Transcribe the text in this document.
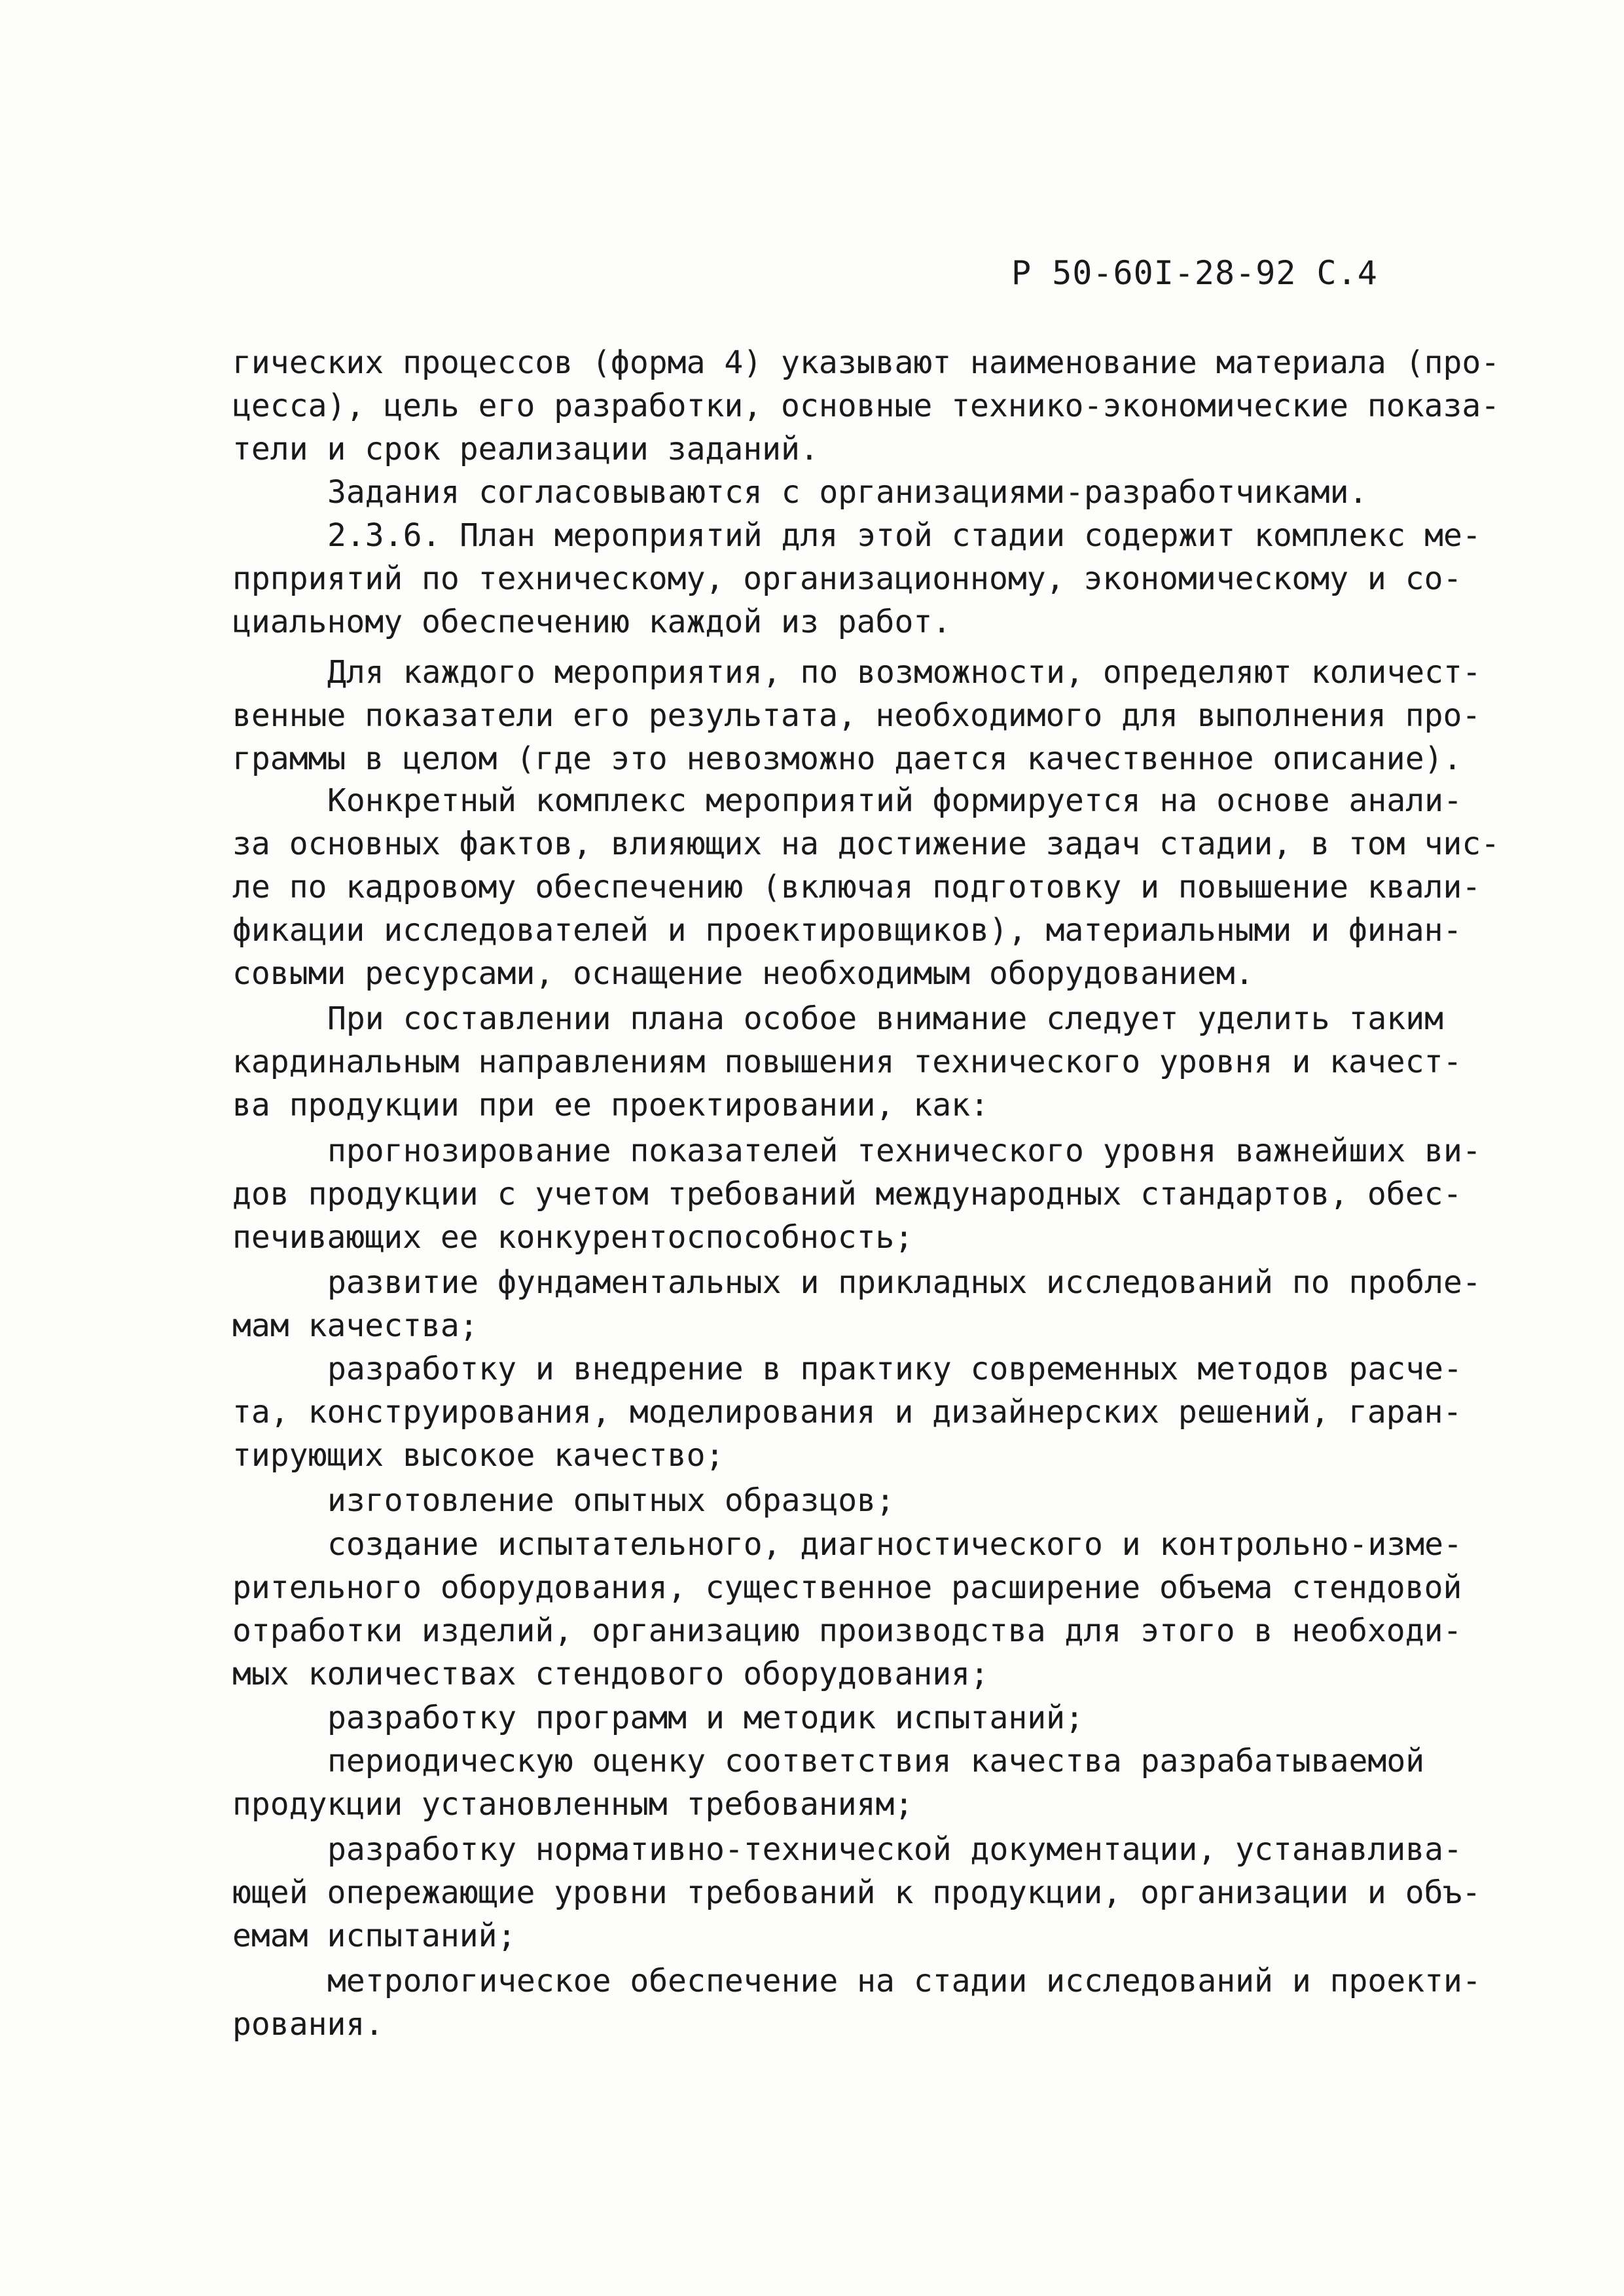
Р 50-60I-28-92 С.4
гических процессов (форма 4) указывают наименование материала (про-
цесса), цель его разработки, основные технико-экономические показа-
тели и срок реализации заданий.
Задания согласовываются с организациями-разработчиками.
2.3.6. План мероприятий для этой стадии содержит комплекс ме-
прприятий по техническому, организационному, экономическому и со-
циальному обеспечению каждой из работ.
Для каждого мероприятия, по возможности, определяют количест-
венные показатели его результата, необходимого для выполнения про-
граммы в целом (где это невозможно дается качественное описание).
Конкретный комплекс мероприятий формируется на основе анали-
за основных фактов, влияющих на достижение задач стадии, в том чис-
ле по кадровому обеспечению (включая подготовку и повышение квали-
фикации исследователей и проектировщиков), материальными и финан-
совыми ресурсами, оснащение необходимым оборудованием.
При составлении плана особое внимание следует уделить таким
кардинальным направлениям повышения технического уровня и качест-
ва продукции при ее проектировании, как:
прогнозирование показателей технического уровня важнейших ви-
дов продукции с учетом требований международных стандартов, обес-
печивающих ее конкурентоспособность;
развитие фундаментальных и прикладных исследований по пробле-
мам качества;
разработку и внедрение в практику современных методов расче-
та, конструирования, моделирования и дизайнерских решений, гаран-
тирующих высокое качество;
изготовление опытных образцов;
создание испытательного, диагностического и контрольно-изме-
рительного оборудования, существенное расширение объема стендовой
отработки изделий, организацию производства для этого в необходи-
мых количествах стендового оборудования;
разработку программ и методик испытаний;
периодическую оценку соответствия качества разрабатываемой
продукции установленным требованиям;
разработку нормативно-технической документации, устанавлива-
ющей опережающие уровни требований к продукции, организации и объ-
емам испытаний;
метрологическое обеспечение на стадии исследований и проекти-
рования.
